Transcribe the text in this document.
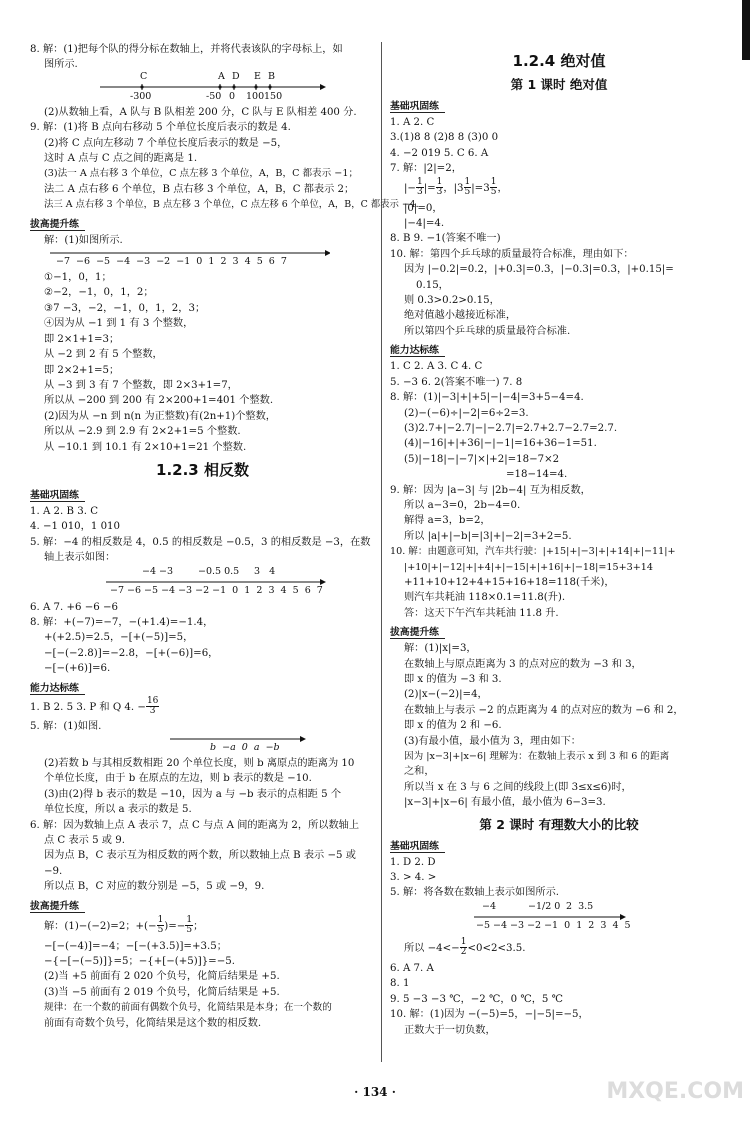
8. 解：(1)把每个队的得分标在数轴上，并将代表该队的字母标上，如
图所示.
C	A D E B
-300	-50 0 100 150
(2)从数轴上看，A 队与 B 队相差 200 分，C 队与 E 队相差 400 分.
9. 解：(1)将 B 点向右移动 5 个单位长度后表示的数是 4.
(2)将 C 点向左移动 7 个单位长度后表示的数是 −5，
这时 A 点与 C 点之间的距离是 1.
(3)法一 A 点右移 3 个单位，C 点左移 3 个单位，A，B，C 都表示 −1；
法二 A 点右移 6 个单位，B 点右移 3 个单位，A，B，C 都表示 2；
法三 A 点右移 3 个单位，B 点左移 3 个单位，C 点左移 6 个单位，A，B，C 都表示 −4.
拔高提升练
解：(1)如图所示.
−7  −6  −5  −4  −3  −2  −1  0  1  2  3  4  5  6  7
①−1，0，1；
②−2，−1，0，1，2；
③7 −3，−2，−1，0，1，2，3；
④因为从 −1 到 1 有 3 个整数，
即 2×1+1=3；
从 −2 到 2 有 5 个整数，
即 2×2+1=5；
从 −3 到 3 有 7 个整数，即 2×3+1=7，
所以从 −200 到 200 有 2×200+1=401 个整数.
(2)因为从 −n 到 n(n 为正整数)有(2n+1)个整数，
所以从 −2.9 到 2.9 有 2×2+1=5 个整数.
从 −10.1 到 10.1 有 2×10+1=21 个整数.
1.2.3 相反数
基础巩固练
1. A 2. B 3. C
4. −1 010，1 010
5. 解：−4 的相反数是 4，0.5 的相反数是 −0.5，3 的相反数是 −3，在数
轴上表示如图：
−4 −3	−0.5 0.5 3   4
−7 −6 −5 −4 −3 −2 −1  0  1  2  3  4  5  6  7
6. A 7. +6 −6 −6
8. 解：+(−7)=−7，−(+1.4)=−1.4，
+(+2.5)=2.5，−[+(−5)]=5，
−[−(−2.8)]=−2.8，−[+(−6)]=6，
−[−(+6)]=6.
能力达标练
1. B 2. 5 3. P 和 Q 4. − $\frac{16}{3}$
5. 解：(1)如图.
b  −a  0  a  −b
(2)若数 b 与其相反数相距 20 个单位长度，则 b 离原点的距离为 10
个单位长度，由于 b 在原点的左边，则 b 表示的数是 −10.
(3)由(2)得 b 表示的数是 −10，因为 a 与 −b 表示的点相距 5 个
单位长度，所以 a 表示的数是 5.
6. 解：因为数轴上点 A 表示 7，点 C 与点 A 间的距离为 2，所以数轴上
点 C 表示 5 或 9.
因为点 B，C 表示互为相反数的两个数，所以数轴上点 B 表示 −5 或
−9.
所以点 B，C 对应的数分别是 −5，5 或 −9，9.
拔高提升练
解：(1)−(−2)=2；+(− $\frac{1}{5}$ )=− $\frac{1}{5}$ ；
−[−(−4)]=−4；−[−(+3.5)]=+3.5；
−{−[−(−5)]}=5；−{+[−(+5)]}=−5.
(2)当 +5 前面有 2 020 个负号，化简后结果是 +5.
(3)当 −5 前面有 2 019 个负号，化简后结果是 +5.
规律：在一个数的前面有偶数个负号，化简结果是本身；在一个数的
前面有奇数个负号，化简结果是这个数的相反数.
1.2.4 绝对值
第 1 课时 绝对值
基础巩固练
1. A 2. C
3.(1)8 8 (2)8 8 (3)0 0
4. −2 019 5. C 6. A
7. 解：|2|=2，
|− $\frac{1}{3}$ |= $\frac{1}{3}$ ，$|3 \frac{1}{5} |=3 \frac{1}{5}$ ，
|0|=0，
|−4|=4.
8. B 9. −1(答案不唯一)
10. 解：第四个乒乓球的质量最符合标准，理由如下：
因为 |−0.2|=0.2，|+0.3|=0.3，|−0.3|=0.3，|+0.15|=
0.15，
则 0.3>0.2>0.15，
绝对值越小越接近标准，
所以第四个乒乓球的质量最符合标准.
能力达标练
1. C 2. A 3. C 4. C
5. −3 6. 2(答案不唯一) 7. 8
8. 解：(1)|−3|+|+5|−|−4|=3+5−4=4.
(2)−(−6)÷|−2|=6÷2=3.
(3)2.7+|−2.7|−|−2.7|=2.7+2.7−2.7=2.7.
(4)|−16|+|+36|−|−1|=16+36−1=51.
(5)|−18|−|−7|×|+2|=18−7×2
=18−14=4.
9. 解：因为 |a−3| 与 |2b−4| 互为相反数，
所以 a−3=0，2b−4=0.
解得 a=3，b=2，
所以 |a|+|−b|=|3|+|−2|=3+2=5.
10. 解：由题意可知，汽车共行驶：|+15|+|−3|+|+14|+|−11|+
|+10|+|−12|+|+4|+|−15|+|+16|+|−18|=15+3+14
+11+10+12+4+15+16+18=118(千米)，
则汽车共耗油 118×0.1=11.8(升).
答：这天下午汽车共耗油 11.8 升.
拔高提升练
解：(1)|x|=3，
在数轴上与原点距离为 3 的点对应的数为 −3 和 3，
即 x 的值为 −3 和 3.
(2)|x−(−2)|=4，
在数轴上与表示 −2 的点距离为 4 的点对应的数为 −6 和 2，
即 x 的值为 2 和 −6.
(3)有最小值，最小值为 3，理由如下：
因为 |x−3|+|x−6| 理解为：在数轴上表示 x 到 3 和 6 的距离
之和，
所以当 x 在 3 与 6 之间的线段上(即 3≤x≤6)时，
|x−3|+|x−6| 有最小值，最小值为 6−3=3.
第 2 课时 有理数大小的比较
基础巩固练
1. D 2. D
3. > 4. >
5. 解：将各数在数轴上表示如图所示.
−4	−1/2 0 2  3.5
−5 −4 −3 −2 −1  0  1  2  3  4  5
所以 $-4<- \frac{1}{2} <0<2<3.5$.
6. A 7. A
8. 1
9. 5 −3 −3 ℃，−2 ℃，0 ℃，5 ℃
10. 解：(1)因为 −(−5)=5，−|−5|=−5，
正数大于一切负数，
· 134 ·	MXQE.COM
